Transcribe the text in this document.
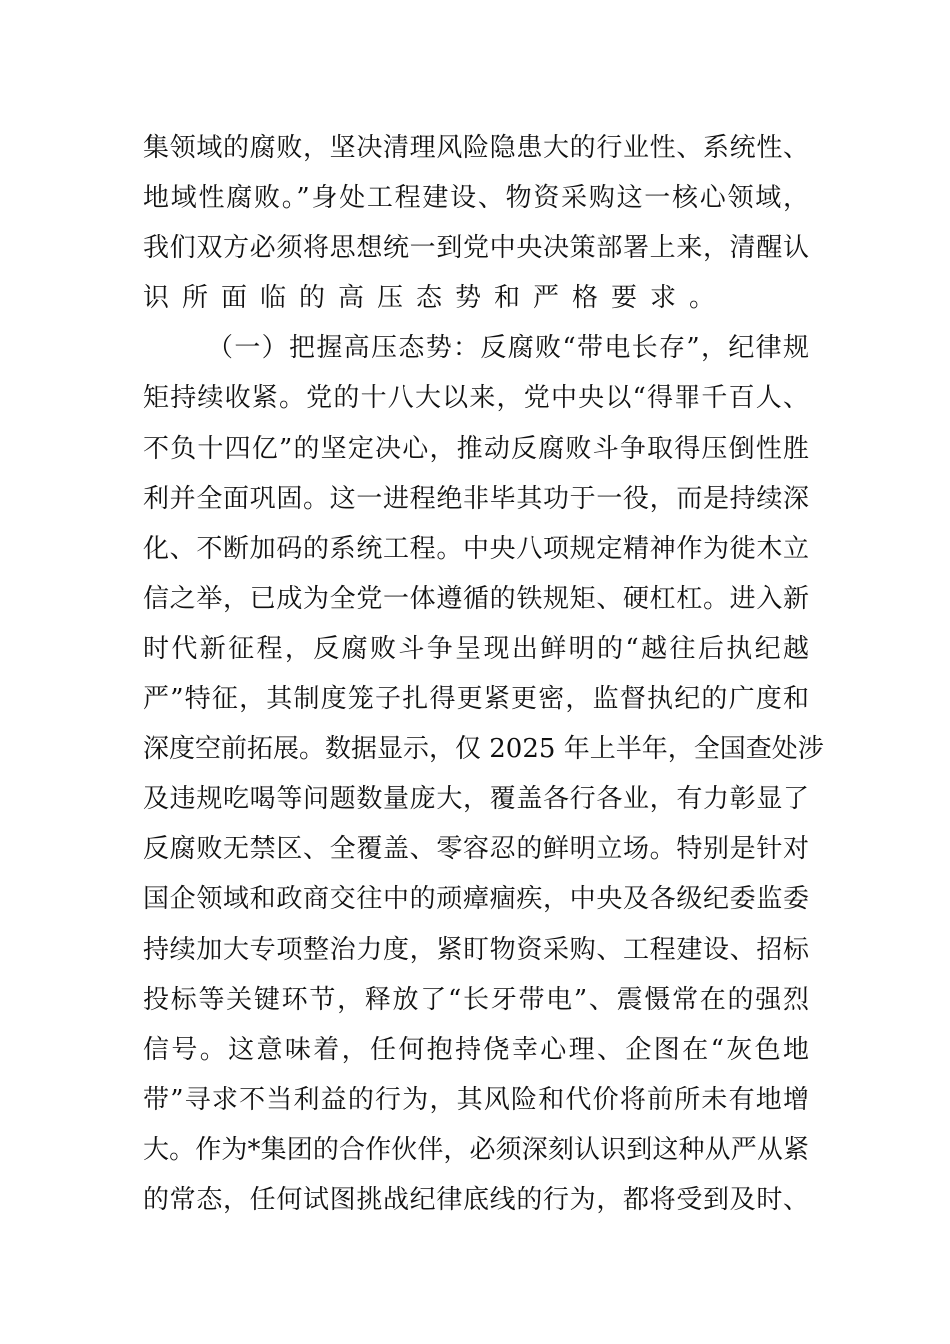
集领域的腐败，坚决清理风险隐患大的行业性、系统性、
地域性腐败。”身处工程建设、物资采购这一核心领域，
我们双方必须将思想统一到党中央决策部署上来，清醒认
识所面临的高压态势和严格要求。
（一）把握高压态势：反腐败“带电长存”，纪律规
矩持续收紧。党的十八大以来，党中央以“得罪千百人、
不负十四亿”的坚定决心，推动反腐败斗争取得压倒性胜
利并全面巩固。这一进程绝非毕其功于一役，而是持续深
化、不断加码的系统工程。中央八项规定精神作为徙木立
信之举，已成为全党一体遵循的铁规矩、硬杠杠。进入新
时代新征程，反腐败斗争呈现出鲜明的“越往后执纪越
严”特征，其制度笼子扎得更紧更密，监督执纪的广度和
深度空前拓展。数据显示，仅 2025 年上半年，全国查处涉
及违规吃喝等问题数量庞大，覆盖各行各业，有力彰显了
反腐败无禁区、全覆盖、零容忍的鲜明立场。特别是针对
国企领域和政商交往中的顽瘴痼疾，中央及各级纪委监委
持续加大专项整治力度，紧盯物资采购、工程建设、招标
投标等关键环节，释放了“长牙带电”、震慑常在的强烈
信号。这意味着，任何抱持侥幸心理、企图在“灰色地
带”寻求不当利益的行为，其风险和代价将前所未有地增
大。作为*集团的合作伙伴，必须深刻认识到这种从严从紧
的常态，任何试图挑战纪律底线的行为，都将受到及时、
